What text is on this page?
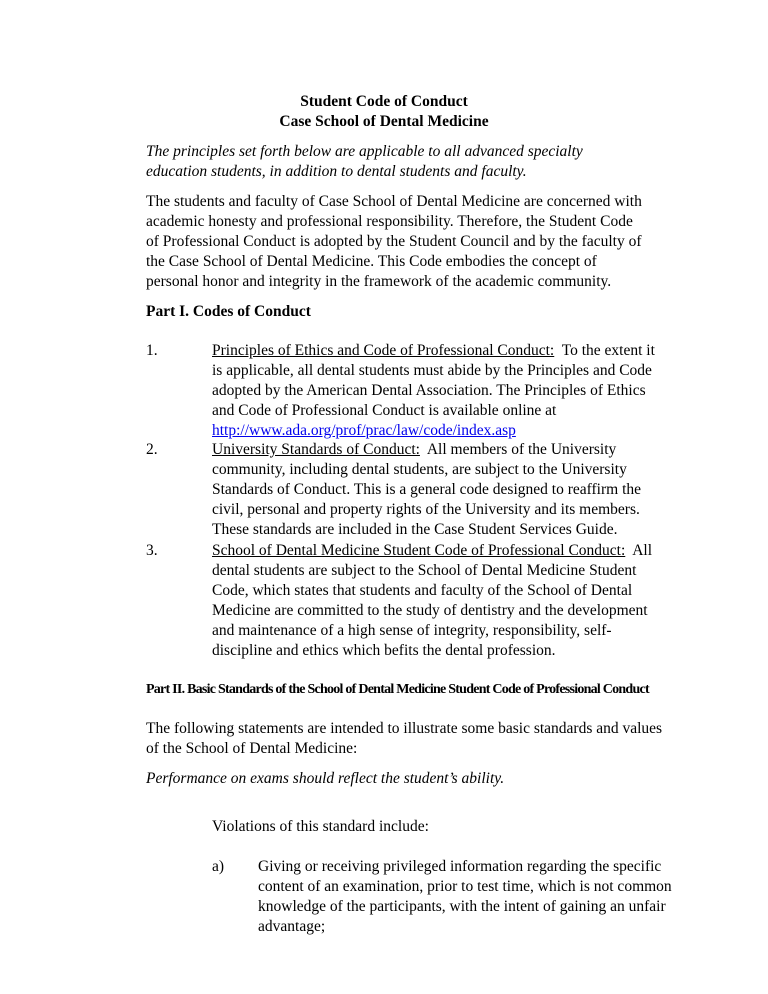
Student Code of Conduct
Case School of Dental Medicine
The principles set forth below are applicable to all advanced specialty education students, in addition to dental students and faculty.
The students and faculty of Case School of Dental Medicine are concerned with academic honesty and professional responsibility. Therefore, the Student Code of Professional Conduct is adopted by the Student Council and by the faculty of the Case School of Dental Medicine. This Code embodies the concept of personal honor and integrity in the framework of the academic community.
Part I. Codes of Conduct
1.	Principles of Ethics and Code of Professional Conduct: To the extent it is applicable, all dental students must abide by the Principles and Code adopted by the American Dental Association. The Principles of Ethics and Code of Professional Conduct is available online at
http://www.ada.org/prof/prac/law/code/index.asp
2.	University Standards of Conduct: All members of the University community, including dental students, are subject to the University Standards of Conduct. This is a general code designed to reaffirm the civil, personal and property rights of the University and its members. These standards are included in the Case Student Services Guide.
3.	School of Dental Medicine Student Code of Professional Conduct: All dental students are subject to the School of Dental Medicine Student Code, which states that students and faculty of the School of Dental Medicine are committed to the study of dentistry and the development and maintenance of a high sense of integrity, responsibility, self-discipline and ethics which befits the dental profession.
Part II. Basic Standards of the School of Dental Medicine Student Code of Professional Conduct
The following statements are intended to illustrate some basic standards and values of the School of Dental Medicine:
Performance on exams should reflect the student’s ability.
Violations of this standard include:
a) Giving or receiving privileged information regarding the specific content of an examination, prior to test time, which is not common knowledge of the participants, with the intent of gaining an unfair advantage;
